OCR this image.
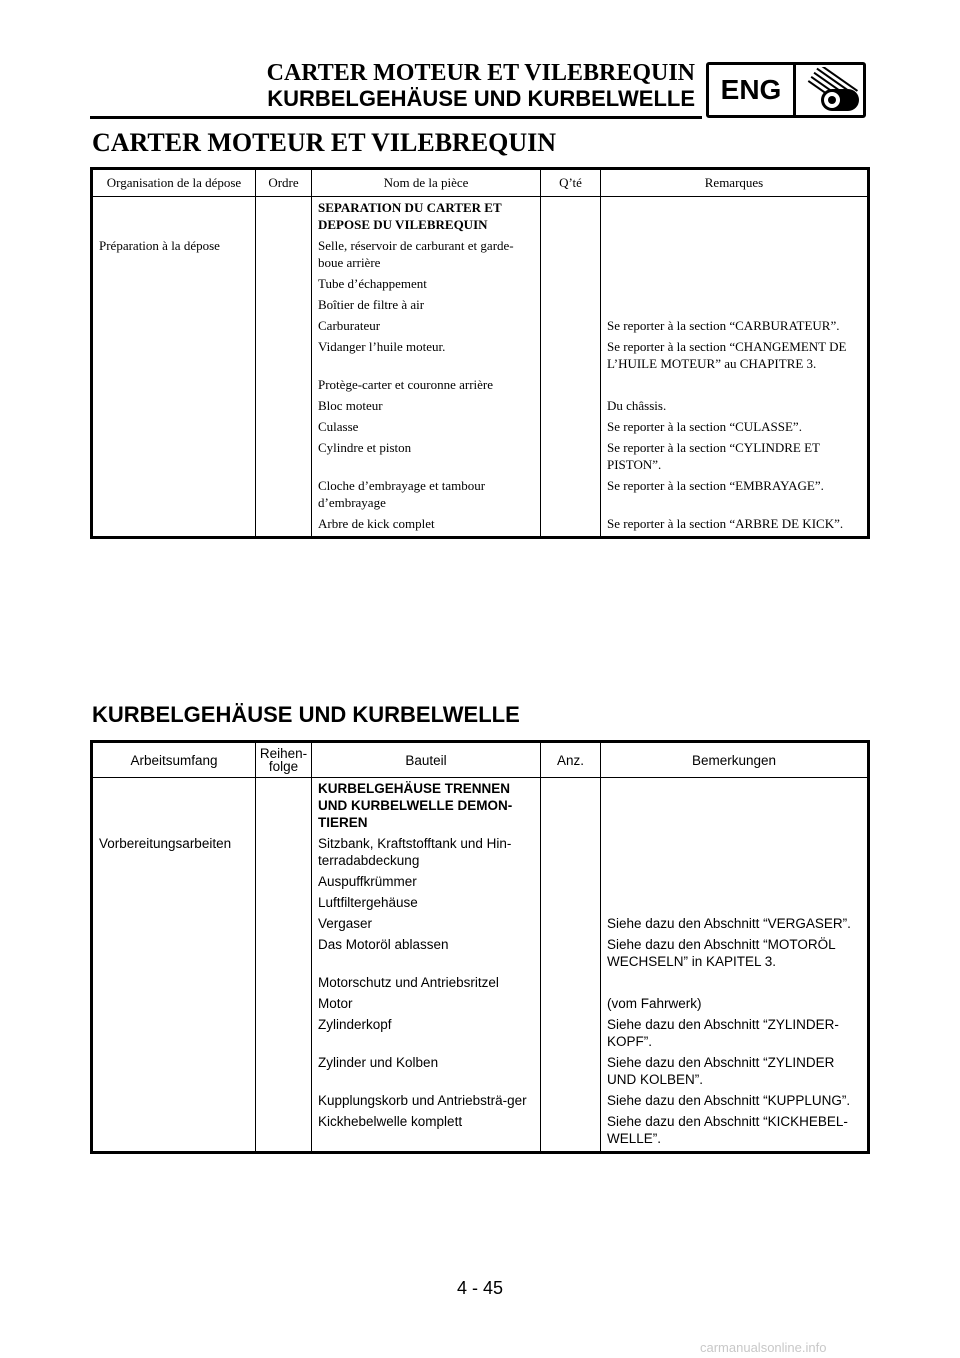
CARTER MOTEUR ET VILEBREQUIN
KURBELGEHÄUSE UND KURBELWELLE ENG
CARTER MOTEUR ET VILEBREQUIN
Organisation de la dépose	Ordre	Nom de la pièce	Q’té	Remarques
		SEPARATION DU CARTER ET DEPOSE DU VILEBREQUIN		
Préparation à la dépose		Selle, réservoir de carburant et garde-boue arrière		
		Tube d’échappement		
		Boîtier de filtre à air		
		Carburateur		Se reporter à la section “CARBURATEUR”.
		Vidanger l’huile moteur.		Se reporter à la section “CHANGEMENT DE L’HUILE MOTEUR” au CHAPITRE 3.
		Protège-carter et couronne arrière		
		Bloc moteur		Du châssis.
		Culasse		Se reporter à la section “CULASSE”.
		Cylindre et piston		Se reporter à la section “CYLINDRE ET PISTON”.
		Cloche d’embrayage et tambour d’embrayage		Se reporter à la section “EMBRAYAGE”.
		Arbre de kick complet		Se reporter à la section “ARBRE DE KICK”.
KURBELGEHÄUSE UND KURBELWELLE
Arbeitsumfang	Reihen-folge	Bauteil	Anz.	Bemerkungen
		KURBELGEHÄUSE TRENNEN UND KURBELWELLE DEMON-TIEREN		
Vorbereitungsarbeiten		Sitzbank, Kraftstofftank und Hin-terradabdeckung		
		Auspuffkrümmer		
		Luftfiltergehäuse		
		Vergaser		Siehe dazu den Abschnitt “VERGASER”.
		Das Motoröl ablassen		Siehe dazu den Abschnitt “MOTORÖL WECHSELN” in KAPITEL 3.
		Motorschutz und Antriebsritzel		
		Motor		(vom Fahrwerk)
		Zylinderkopf		Siehe dazu den Abschnitt “ZYLINDER-KOPF”.
		Zylinder und Kolben		Siehe dazu den Abschnitt “ZYLINDER UND KOLBEN”.
		Kupplungskorb und Antriebsträ-ger		Siehe dazu den Abschnitt “KUPPLUNG”.
		Kickhebelwelle komplett		Siehe dazu den Abschnitt “KICKHEBEL-WELLE”.
4 - 45
carmanualsonline.info
